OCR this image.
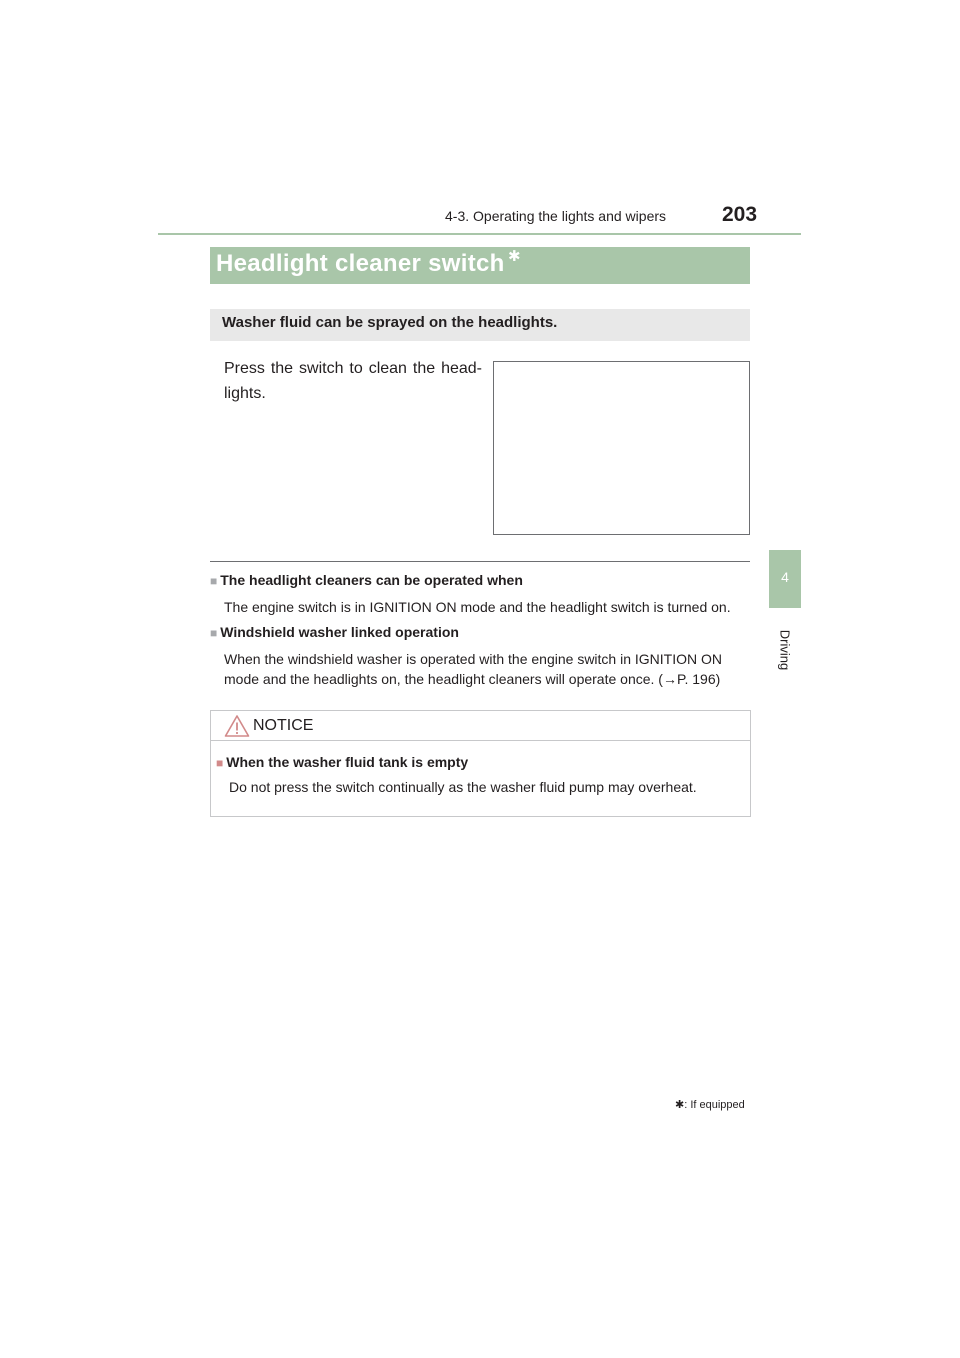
4-3. Operating the lights and wipers	203
4
Driving
Headlight cleaner switch ✱
Washer fluid can be sprayed on the headlights.
Press the switch to clean the head-lights.
■ The headlight cleaners can be operated when
The engine switch is in IGNITION ON mode and the headlight switch is turned on.
■ Windshield washer linked operation
When the windshield washer is operated with the engine switch in IGNITION ON mode and the headlights on, the headlight cleaners will operate once. (→P. 196)
NOTICE
■ When the washer fluid tank is empty
Do not press the switch continually as the washer fluid pump may overheat.
✱: If equipped
